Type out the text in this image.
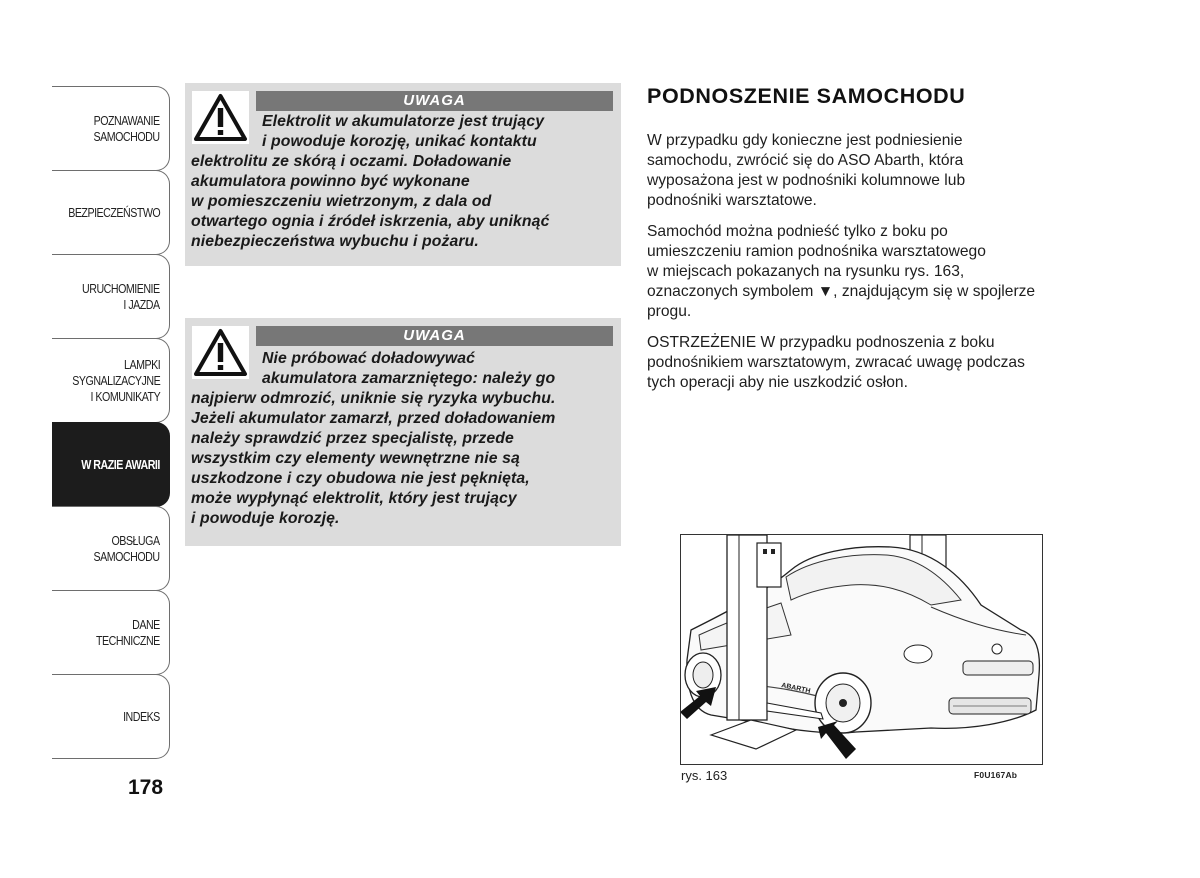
POZNAWANIE
SAMOCHODU
BEZPIECZEŃSTWO
URUCHOMIENIE
I JAZDA
LAMPKI
SYGNALIZACYJNE
I KOMUNIKATY
W RAZIE AWARII
OBSŁUGA
SAMOCHODU
DANE
TECHNICZNE
INDEKS
178
UWAGA

Elektrolit w akumulatorze jest trujący
i powoduje korozję, unikać kontaktu
elektrolitu ze skórą i oczami. Doładowanie
akumulatora powinno być wykonane
w pomieszczeniu wietrzonym, z dala od
otwartego ognia i źródeł iskrzenia, aby uniknąć
niebezpieczeństwa wybuchu i pożaru.

UWAGA

Nie próbować doładowywać
akumulatora zamarzniętego: należy go
najpierw odmrozić, uniknie się ryzyka wybuchu.
Jeżeli akumulator zamarzł, przed doładowaniem
należy sprawdzić przez specjalistę, przede
wszystkim czy elementy wewnętrzne nie są
uszkodzone i czy obudowa nie jest pęknięta,
może wypłynąć elektrolit, który jest trujący
i powoduje korozję.

PODNOSZENIE SAMOCHODU

W przypadku gdy konieczne jest podniesienie
samochodu, zwrócić się do ASO Abarth, która
wyposażona jest w podnośniki kolumnowe lub
podnośniki warsztatowe.

Samochód można podnieść tylko z boku po
umieszczeniu ramion podnośnika warsztatowego
w miejscach pokazanych na rysunku rys. 163,
oznaczonych symbolem ▼, znajdującym się w spojlerze
progu.

OSTRZEŻENIE W przypadku podnoszenia z boku
podnośnikiem warsztatowym, zwracać uwagę podczas
tych operacji aby nie uszkodzić osłon.

ABARTH
rys. 163	F0U167Ab
